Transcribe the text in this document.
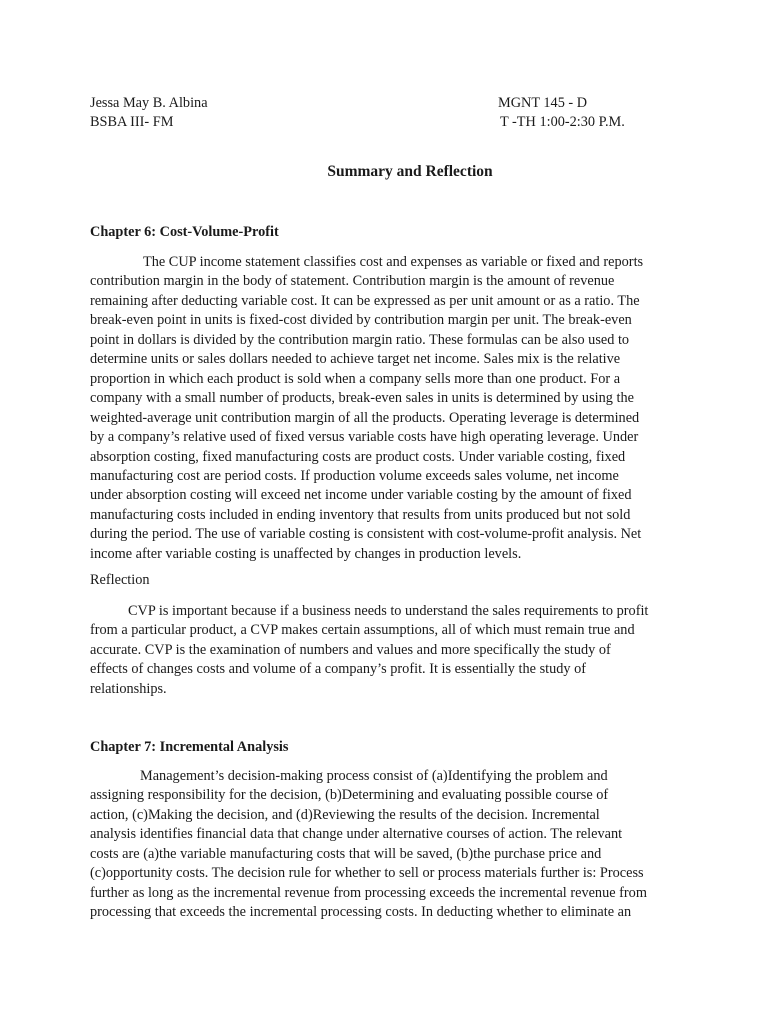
Jessa May B. Albina	MGNT 145 - D
BSBA III- FM	T -TH 1:00-2:30 P.M.
Summary and Reflection
Chapter 6: Cost-Volume-Profit
The CUP income statement classifies cost and expenses as variable or fixed and reports
contribution margin in the body of statement. Contribution margin is the amount of revenue
remaining after deducting variable cost. It can be expressed as per unit amount or as a ratio. The
break-even point in units is fixed-cost divided by contribution margin per unit. The break-even
point in dollars is divided by the contribution margin ratio. These formulas can be also used to
determine units or sales dollars needed to achieve target net income. Sales mix is the relative
proportion in which each product is sold when a company sells more than one product. For a
company with a small number of products, break-even sales in units is determined by using the
weighted-average unit contribution margin of all the products. Operating leverage is determined
by a company’s relative used of fixed versus variable costs have high operating leverage. Under
absorption costing, fixed manufacturing costs are product costs. Under variable costing, fixed
manufacturing cost are period costs. If production volume exceeds sales volume, net income
under absorption costing will exceed net income under variable costing by the amount of fixed
manufacturing costs included in ending inventory that results from units produced but not sold
during the period. The use of variable costing is consistent with cost-volume-profit analysis. Net
income after variable costing is unaffected by changes in production levels.
Reflection
CVP is important because if a business needs to understand the sales requirements to profit
from a particular product, a CVP makes certain assumptions, all of which must remain true and
accurate. CVP is the examination of numbers and values and more specifically the study of
effects of changes costs and volume of a company’s profit. It is essentially the study of
relationships.
Chapter 7: Incremental Analysis
Management’s decision-making process consist of (a)Identifying the problem and
assigning responsibility for the decision, (b)Determining and evaluating possible course of
action, (c)Making the decision, and (d)Reviewing the results of the decision. Incremental
analysis identifies financial data that change under alternative courses of action. The relevant
costs are (a)the variable manufacturing costs that will be saved, (b)the purchase price and
(c)opportunity costs. The decision rule for whether to sell or process materials further is: Process
further as long as the incremental revenue from processing exceeds the incremental revenue from
processing that exceeds the incremental processing costs. In deducting whether to eliminate an
